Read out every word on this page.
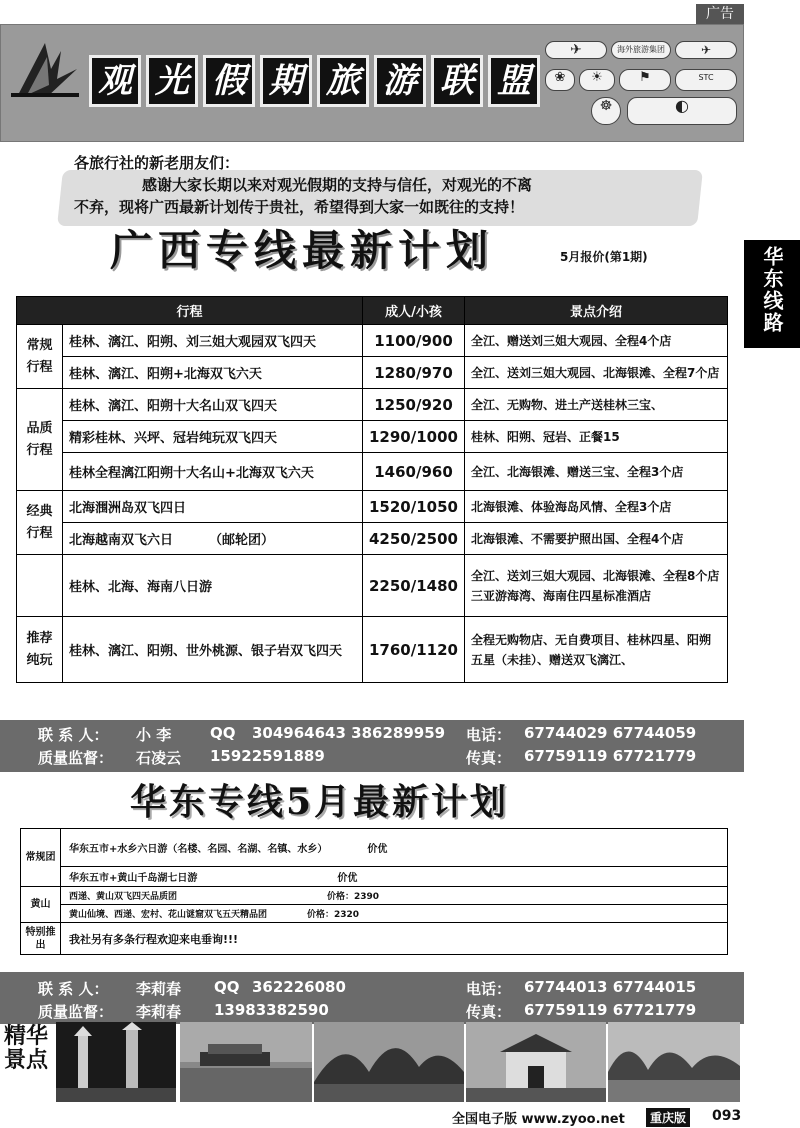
广告
观 光 假 期 旅 游 联 盟
✈	海外旅游集团	✈
❀	☀	⚑	STC
☸	◐
华东线路
各旅行社的新老朋友们：
感谢大家长期以来对观光假期的支持与信任，对观光的不离
不弃，现将广西最新计划传于贵社，希望得到大家一如既往的支持！
广西专线最新计划	5月报价(第1期)
行程		成人/小孩	景点介绍
常规行程	桂林、漓江、阳朔、刘三姐大观园双飞四天	1100/900	全江、赠送刘三姐大观园、全程4个店
	桂林、漓江、阳朔+北海双飞六天	1280/970	全江、送刘三姐大观园、北海银滩、全程7个店
品质行程	桂林、漓江、阳朔十大名山双飞四天	1250/920	全江、无购物、进土产送桂林三宝、
	精彩桂林、兴坪、冠岩纯玩双飞四天	1290/1000	桂林、阳朔、冠岩、正餐15
	桂林全程漓江阳朔十大名山+北海双飞六天	1460/960	全江、北海银滩、赠送三宝、全程3个店
经典行程	北海涠洲岛双飞四日	1520/1050	北海银滩、体验海岛风情、全程3个店
	北海越南双飞六日 （邮轮团）	4250/2500	北海银滩、不需要护照出国、全程4个店
	桂林、北海、海南八日游	2250/1480	全江、送刘三姐大观园、北海银滩、全程8个店三亚游海湾、海南住四星标准酒店
推荐纯玩	桂林、漓江、阳朔、世外桃源、银子岩双飞四天	1760/1120	全程无购物店、无自费项目、桂林四星、阳朔五星（未挂）、赠送双飞漓江、
联 系 人： 小 李	QQ 304964643 386289959 电话： 67744029 67744059
质量监督： 石凌云 15922591889	传真： 67759119 67721779
华东专线5月最新计划
常规团	华东五市+水乡六日游（名楼、名园、名湖、名镇、水乡） 价优
	华东五市+黄山千岛湖七日游 价优
黄山	西递、黄山双飞四天品质团 价格：2390
	黄山仙境、西递、宏村、花山谜窟双飞五天精品团 价格：2320
特别推出	我社另有多条行程欢迎来电垂询!!!
联 系 人： 李莉春 QQ 362226080	电话： 67744013 67744015
质量监督： 李莉春 13983382590	传真： 67759119 67721779
精华景点
全国电子版 www.zyoo.net	重庆版 093
